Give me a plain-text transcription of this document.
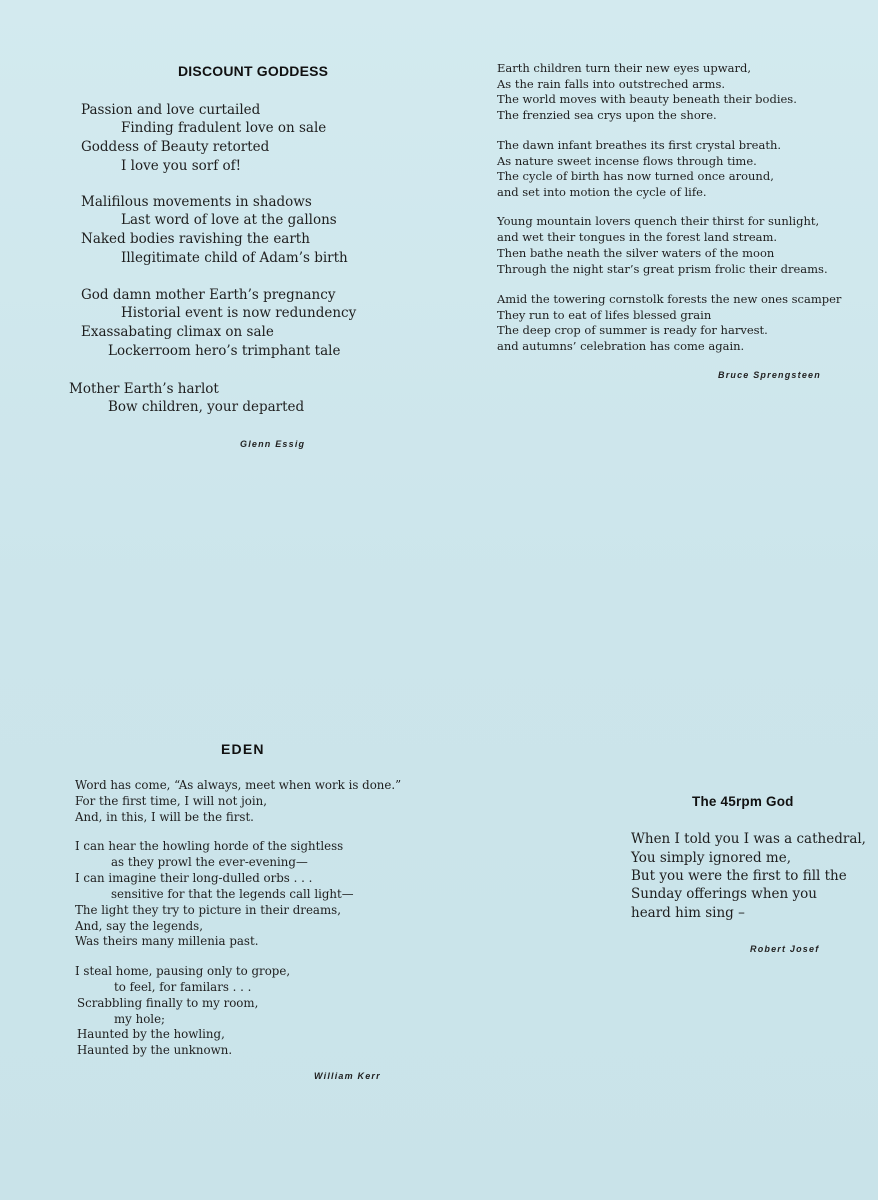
DISCOUNT GODDESS
Passion and love curtailed
Finding fradulent love on sale
Goddess of Beauty retorted
I love you sorf of!
Malifilous movements in shadows
Last word of love at the gallons
Naked bodies ravishing the earth
Illegitimate child of Adam’s birth
God damn mother Earth’s pregnancy
Historial event is now redundency
Exassabating climax on sale
Lockerroom hero’s trimphant tale
Mother Earth’s harlot
Bow children, your departed
Glenn Essig
Earth children turn their new eyes upward,
As the rain falls into outstreched arms.
The world moves with beauty beneath their bodies.
The frenzied sea crys upon the shore.
The dawn infant breathes its first crystal breath.
As nature sweet incense flows through time.
The cycle of birth has now turned once around,
and set into motion the cycle of life.
Young mountain lovers quench their thirst for sunlight,
and wet their tongues in the forest land stream.
Then bathe neath the silver waters of the moon
Through the night star’s great prism frolic their dreams.
Amid the towering cornstolk forests the new ones scamper
They run to eat of lifes blessed grain
The deep crop of summer is ready for harvest.
and autumns’ celebration has come again.
Bruce Sprengsteen
EDEN
Word has come, “As always, meet when work is done.”
For the first time, I will not join,
And, in this, I will be the first.
I can hear the howling horde of the sightless
as they prowl the ever-evening—
I can imagine their long-dulled orbs . . .
sensitive for that the legends call light—
The light they try to picture in their dreams,
And, say the legends,
Was theirs many millenia past.
I steal home, pausing only to grope,
to feel, for familars . . .
Scrabbling finally to my room,
my hole;
Haunted by the howling,
Haunted by the unknown.
William Kerr
The 45rpm God
When I told you I was a cathedral,
You simply ignored me,
But you were the first to fill the
Sunday offerings when you
heard him sing –
Robert Josef
